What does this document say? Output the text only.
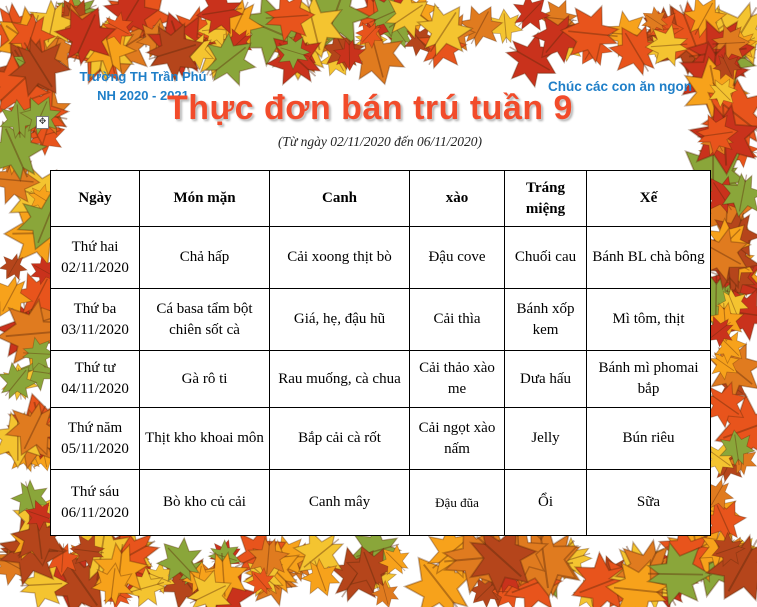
✥
Trường TH Trần Phú
NH 2020 - 2021
Chúc các con ăn ngon
Thực đơn bán trú tuần 9
(Từ ngày 02/11/2020 đến 06/11/2020)
Ngày	Món mặn	Canh	xào	Tráng miệng	Xế

Thứ hai
02/11/2020	Chả hấp	Cải xoong thịt bò	Đậu cove	Chuối cau	Bánh BL chà bông

Thứ ba
03/11/2020	Cá basa tẩm bột chiên sốt cà	Giá, hẹ, đậu hũ	Cải thìa	Bánh xốp kem	Mì tôm, thịt

Thứ tư
04/11/2020	Gà rô ti	Rau muống, cà chua	Cải thảo xào me	Dưa hấu	Bánh mì phomai bắp

Thứ năm
05/11/2020	Thịt kho khoai môn	Bắp cải cà rốt	Cải ngọt xào nấm	Jelly	Bún riêu

Thứ sáu
06/11/2020	Bò kho củ cải	Canh mây	Đậu đũa	Ổi	Sữa
